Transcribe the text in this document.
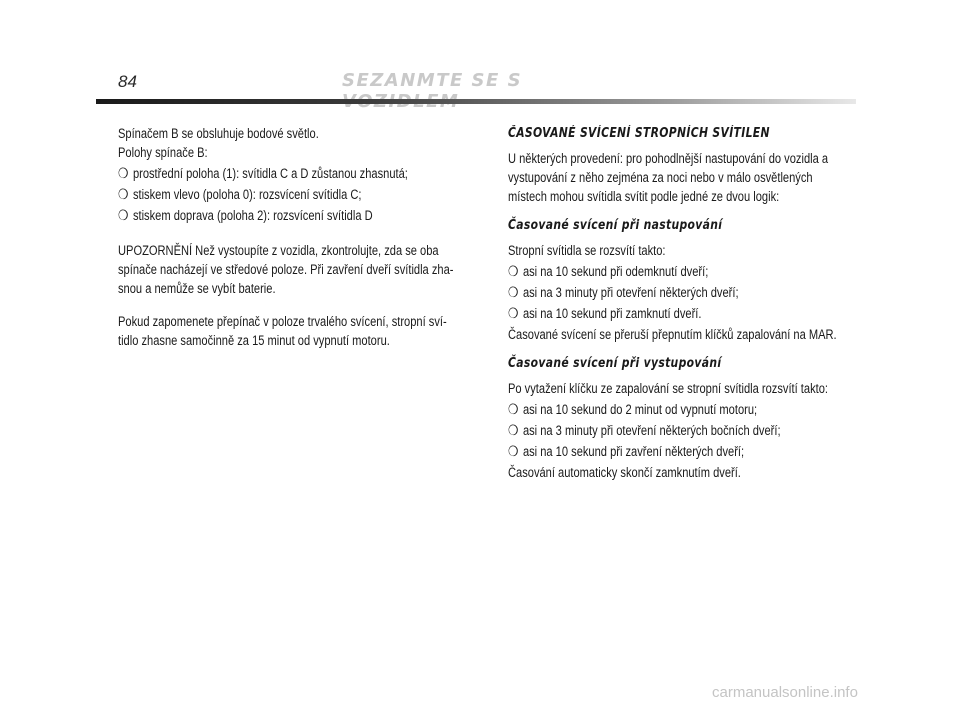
84	SEZANMTE SE S

Spínačem B se obsluhuje bodové světlo.

Polohy spínače B:

❍ prostřední poloha (1): svítidla C a D zůstanou zhasnutá;
❍ stiskem vlevo (poloha 0): rozsvícení svítidla C;
❍ stiskem doprava (poloha 2): rozsvícení svítidla D

UPOZORNĚNÍ Než vystoupíte z vozidla, zkontrolujte, zda se oba

spínače nacházejí ve středové poloze. Při zavření dveří svítidla zha-

snou a nemůže se vybít baterie.

Pokud zapomenete přepínač v poloze trvalého svícení, stropní sví-

tidlo zhasne samočinně za 15 minut od vypnutí motoru.

ČASOVANÉ SVÍCENÍ STROPNÍCH SVÍTILEN

U některých provedení: pro pohodlnější nastupování do vozidla a

vystupování z něho zejména za noci nebo v málo osvětlených

místech mohou svítidla svítit podle jedné ze dvou logik:

Časované svícení při nastupování

Stropní svítidla se rozsvítí takto:

❍ asi na 10 sekund při odemknutí dveří;
❍ asi na 3 minuty při otevření některých dveří;
❍ asi na 10 sekund při zamknutí dveří.

Časované svícení se přeruší přepnutím klíčků zapalování na MAR.

Časované svícení při vystupování

Po vytažení klíčku ze zapalování se stropní svítidla rozsvítí takto:

❍ asi na 10 sekund do 2 minut od vypnutí motoru;
❍ asi na 3 minuty při otevření některých bočních dveří;
❍ asi na 10 sekund při zavření některých dveří;

Časování automaticky skončí zamknutím dveří.

carmanualsonline.info
